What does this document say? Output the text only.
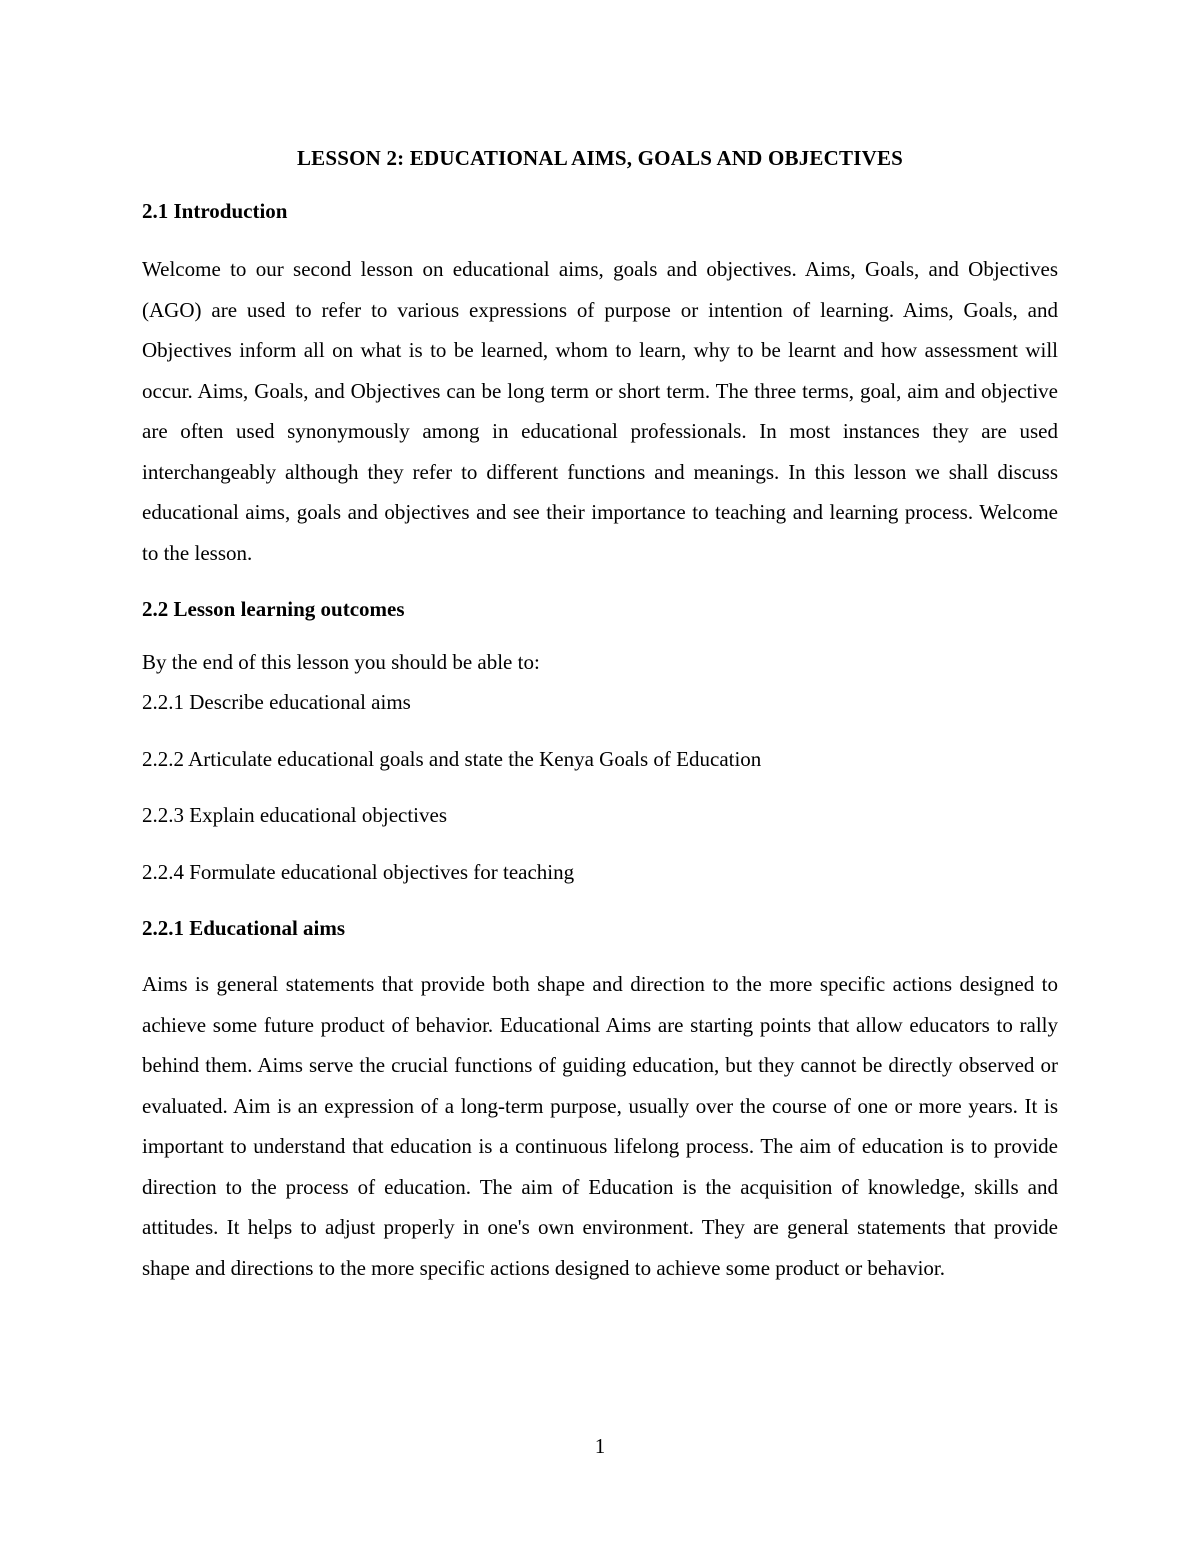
LESSON 2: EDUCATIONAL AIMS, GOALS AND OBJECTIVES
2.1 Introduction

Welcome to our second lesson on educational aims, goals and objectives. Aims, Goals, and Objectives (AGO) are used to refer to various expressions of purpose or intention of learning. Aims, Goals, and Objectives inform all on what is to be learned, whom to learn, why to be learnt and how assessment will occur. Aims, Goals, and Objectives can be long term or short term. The three terms, goal, aim and objective are often used synonymously among in educational professionals. In most instances they are used interchangeably although they refer to different functions and meanings. In this lesson we shall discuss educational aims, goals and objectives and see their importance to teaching and learning process. Welcome to the lesson.

2.2 Lesson learning outcomes

By the end of this lesson you should be able to:

2.2.1 Describe educational aims

2.2.2 Articulate educational goals and state the Kenya Goals of Education

2.2.3 Explain educational objectives

2.2.4 Formulate educational objectives for teaching

2.2.1 Educational aims

Aims is general statements that provide both shape and direction to the more specific actions designed to achieve some future product of behavior. Educational Aims are starting points that allow educators to rally behind them. Aims serve the crucial functions of guiding education, but they cannot be directly observed or evaluated. Aim is an expression of a long-term purpose, usually over the course of one or more years. It is important to understand that education is a continuous lifelong process. The aim of education is to provide direction to the process of education. The aim of Education is the acquisition of knowledge, skills and attitudes. It helps to adjust properly in one's own environment. They are general statements that provide shape and directions to the more specific actions designed to achieve some product or behavior.

1
